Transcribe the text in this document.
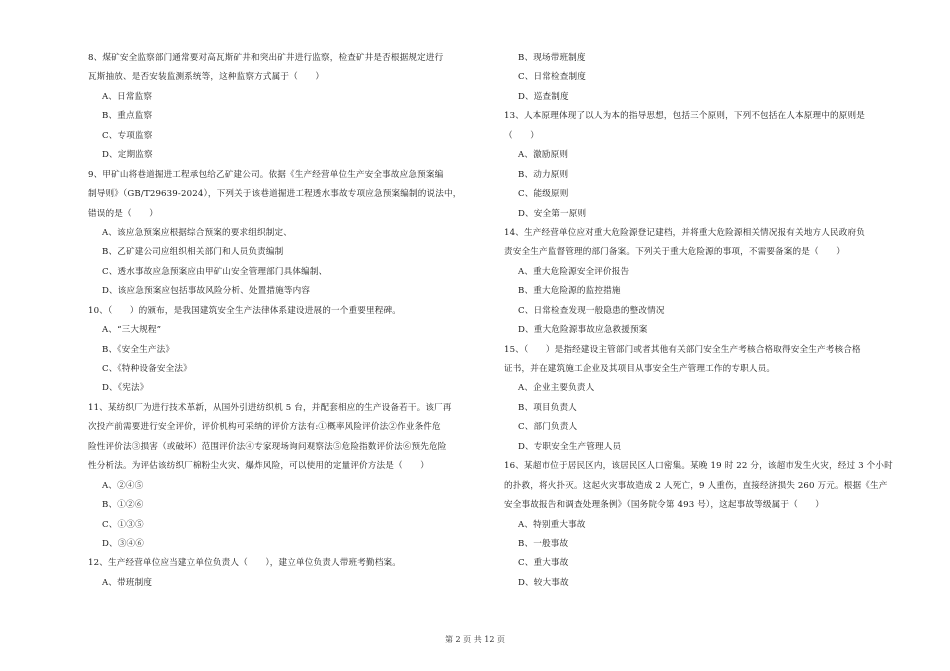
8、煤矿安全监察部门通常要对高瓦斯矿井和突出矿井进行监察，检查矿井是否根据规定进行
瓦斯抽放、是否安装监测系统等，这种监察方式属于（　　）
A、日常监察
B、重点监察
C、专项监察
D、定期监察
9、甲矿山将巷道掘进工程承包给乙矿建公司。依据《生产经营单位生产安全事故应急预案编
制导则》（GB/T29639-2024），下列关于该巷道掘进工程透水事故专项应急预案编制的说法中，
错误的是（　　）
A、该应急预案应根据综合预案的要求组织制定、
B、乙矿建公司应组织相关部门和人员负责编制
C、透水事故应急预案应由甲矿山安全管理部门具体编制、
D、该应急预案应包括事故风险分析、处置措施等内容
10、（　　）的颁布，是我国建筑安全生产法律体系建设进展的一个重要里程碑。
A、“三大规程”
B、《安全生产法》
C、《特种设备安全法》
D、《宪法》
11、某纺织厂为进行技术革新，从国外引进纺织机 5 台，并配套相应的生产设备若干。该厂再
次投产前需要进行安全评价，评价机构可采纳的评价方法有:①概率风险评价法②作业条件危
险性评价法③损害（或破坏）范围评价法④专家现场询问观察法⑤危险指数评价法⑥预先危险
性分析法。为评估该纺织厂棉粉尘火灾、爆炸风险，可以使用的定量评价方法是（　　）
A、②④⑤
B、①②⑥
C、①③⑤
D、③④⑥
12、生产经营单位应当建立单位负责人（　　），建立单位负责人带班考勤档案。
A、带班制度
B、现场带班制度
C、日常检查制度
D、巡查制度
13、人本原理体现了以人为本的指导思想，包括三个原则，下列不包括在人本原理中的原则是
（　　）
A、激励原则
B、动力原则
C、能级原则
D、安全第一原则
14、生产经营单位应对重大危险源登记建档，并将重大危险源相关情况报有关地方人民政府负
责安全生产监督管理的部门备案。下列关于重大危险源的事项，不需要备案的是（　　）
A、重大危险源安全评价报告
B、重大危险源的监控措施
C、日常检查发现一般隐患的整改情况
D、重大危险源事故应急救援预案
15、（　　）是指经建设主管部门或者其他有关部门安全生产考核合格取得安全生产考核合格
证书，并在建筑施工企业及其项目从事安全生产管理工作的专职人员。
A、企业主要负责人
B、项目负责人
C、部门负责人
D、专职安全生产管理人员
16、某超市位于居民区内，该居民区人口密集。某晚 19 时 22 分，该超市发生火灾，经过 3 个小时
的扑救，将火扑灭。这起火灾事故造成 2 人死亡，9 人重伤，直接经济损失 260 万元。根据《生产
安全事故报告和调查处理条例》（国务院令第 493 号），这起事故等级属于（　　）
A、特别重大事故
B、一般事故
C、重大事故
D、较大事故
第 2 页 共 12 页
